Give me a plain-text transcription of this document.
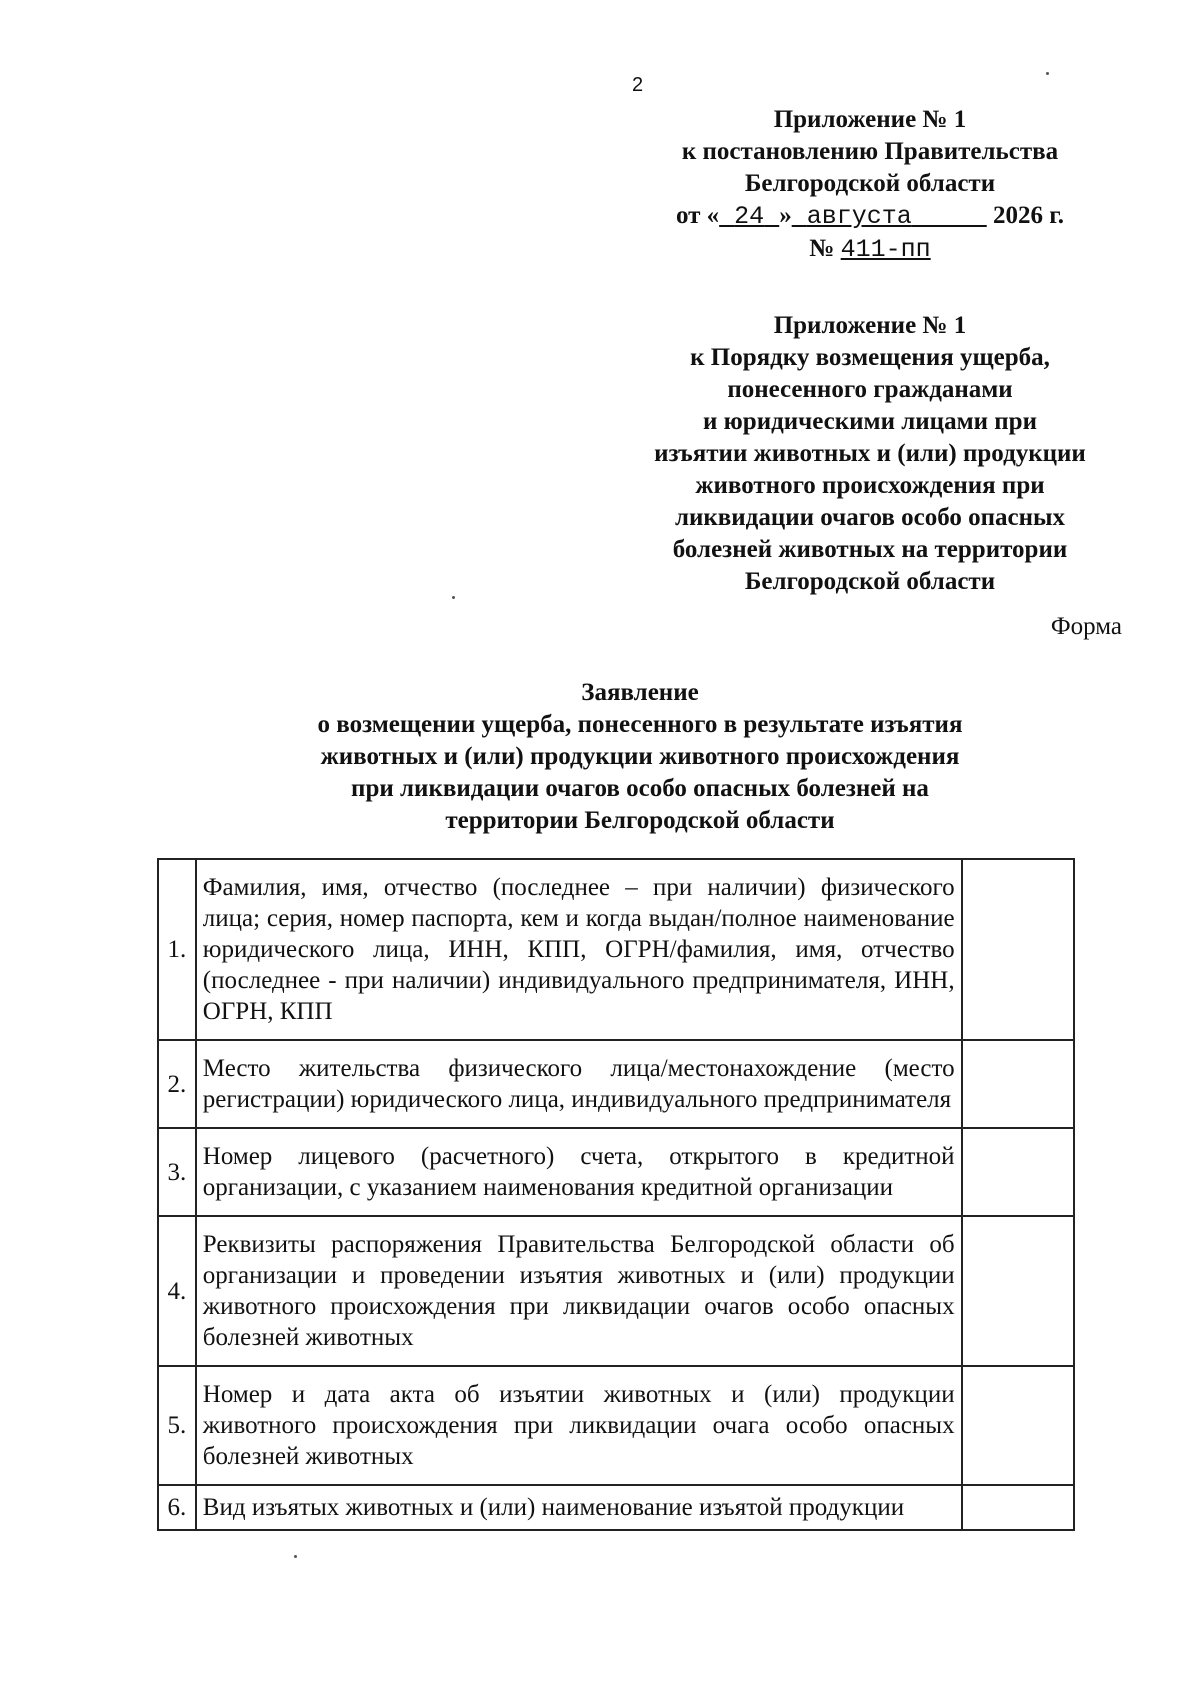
2
Приложение № 1
к постановлению Правительства
Белгородской области
от « 24 » августа	2026 г.
№ 411-пп
Приложение № 1
к Порядку возмещения ущерба,
понесенного гражданами
и юридическими лицами при
изъятии животных и (или) продукции
животного происхождения при
ликвидации очагов особо опасных
болезней животных на территории
Белгородской области
Форма
Заявление
о возмещении ущерба, понесенного в результате изъятия
животных и (или) продукции животного происхождения
при ликвидации очагов особо опасных болезней на
территории Белгородской области
1.	Фамилия, имя, отчество (последнее – при наличии) физического лица; серия, номер паспорта, кем и когда выдан/полное наименование юридического лица, ИНН, КПП, ОГРН/фамилия, имя, отчество (последнее - при наличии) индивидуального предпринимателя, ИНН, ОГРН, КПП	
2.	Место жительства физического лица/местонахождение (место регистрации) юридического лица, индивидуального предпринимателя	
3.	Номер лицевого (расчетного) счета, открытого в кредитной организации, с указанием наименования кредитной организации	
4.	Реквизиты распоряжения Правительства Белгородской области об организации и проведении изъятия животных и (или) продукции животного происхождения при ликвидации очагов особо опасных болезней животных	
5.	Номер и дата акта об изъятии животных и (или) продукции животного происхождения при ликвидации очага особо опасных болезней животных	
6.	Вид изъятых животных и (или) наименование изъятой продукции	
